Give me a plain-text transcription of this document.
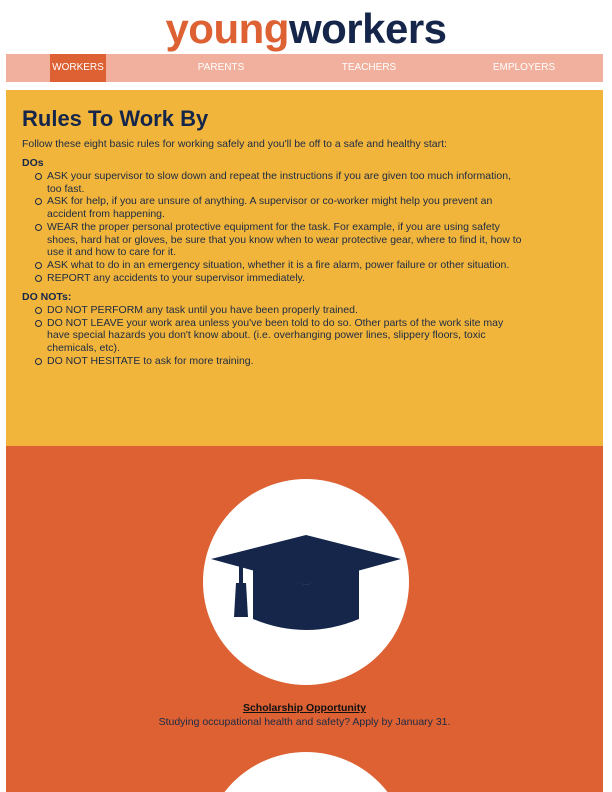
youngworkers
WORKERS	PARENTS	TEACHERS	EMPLOYERS
Rules To Work By

Follow these eight basic rules for working safely and you'll be off to a safe and healthy start:

DOs
ASK your supervisor to slow down and repeat the instructions if you are given too much information, too fast.
ASK for help, if you are unsure of anything. A supervisor or co-worker might help you prevent an accident from happening.
WEAR the proper personal protective equipment for the task. For example, if you are using safety shoes, hard hat or gloves, be sure that you know when to wear protective gear, where to find it, how to use it and how to care for it.
ASK what to do in an emergency situation, whether it is a fire alarm, power failure or other situation.
REPORT any accidents to your supervisor immediately.
DO NOTs:
DO NOT PERFORM any task until you have been properly trained.
DO NOT LEAVE your work area unless you've been told to do so. Other parts of the work site may have special hazards you don't know about. (i.e. overhanging power lines, slippery floors, toxic chemicals, etc).
DO NOT HESITATE to ask for more training.
Scholarship Opportunity

Studying occupational health and safety? Apply by January 31.
